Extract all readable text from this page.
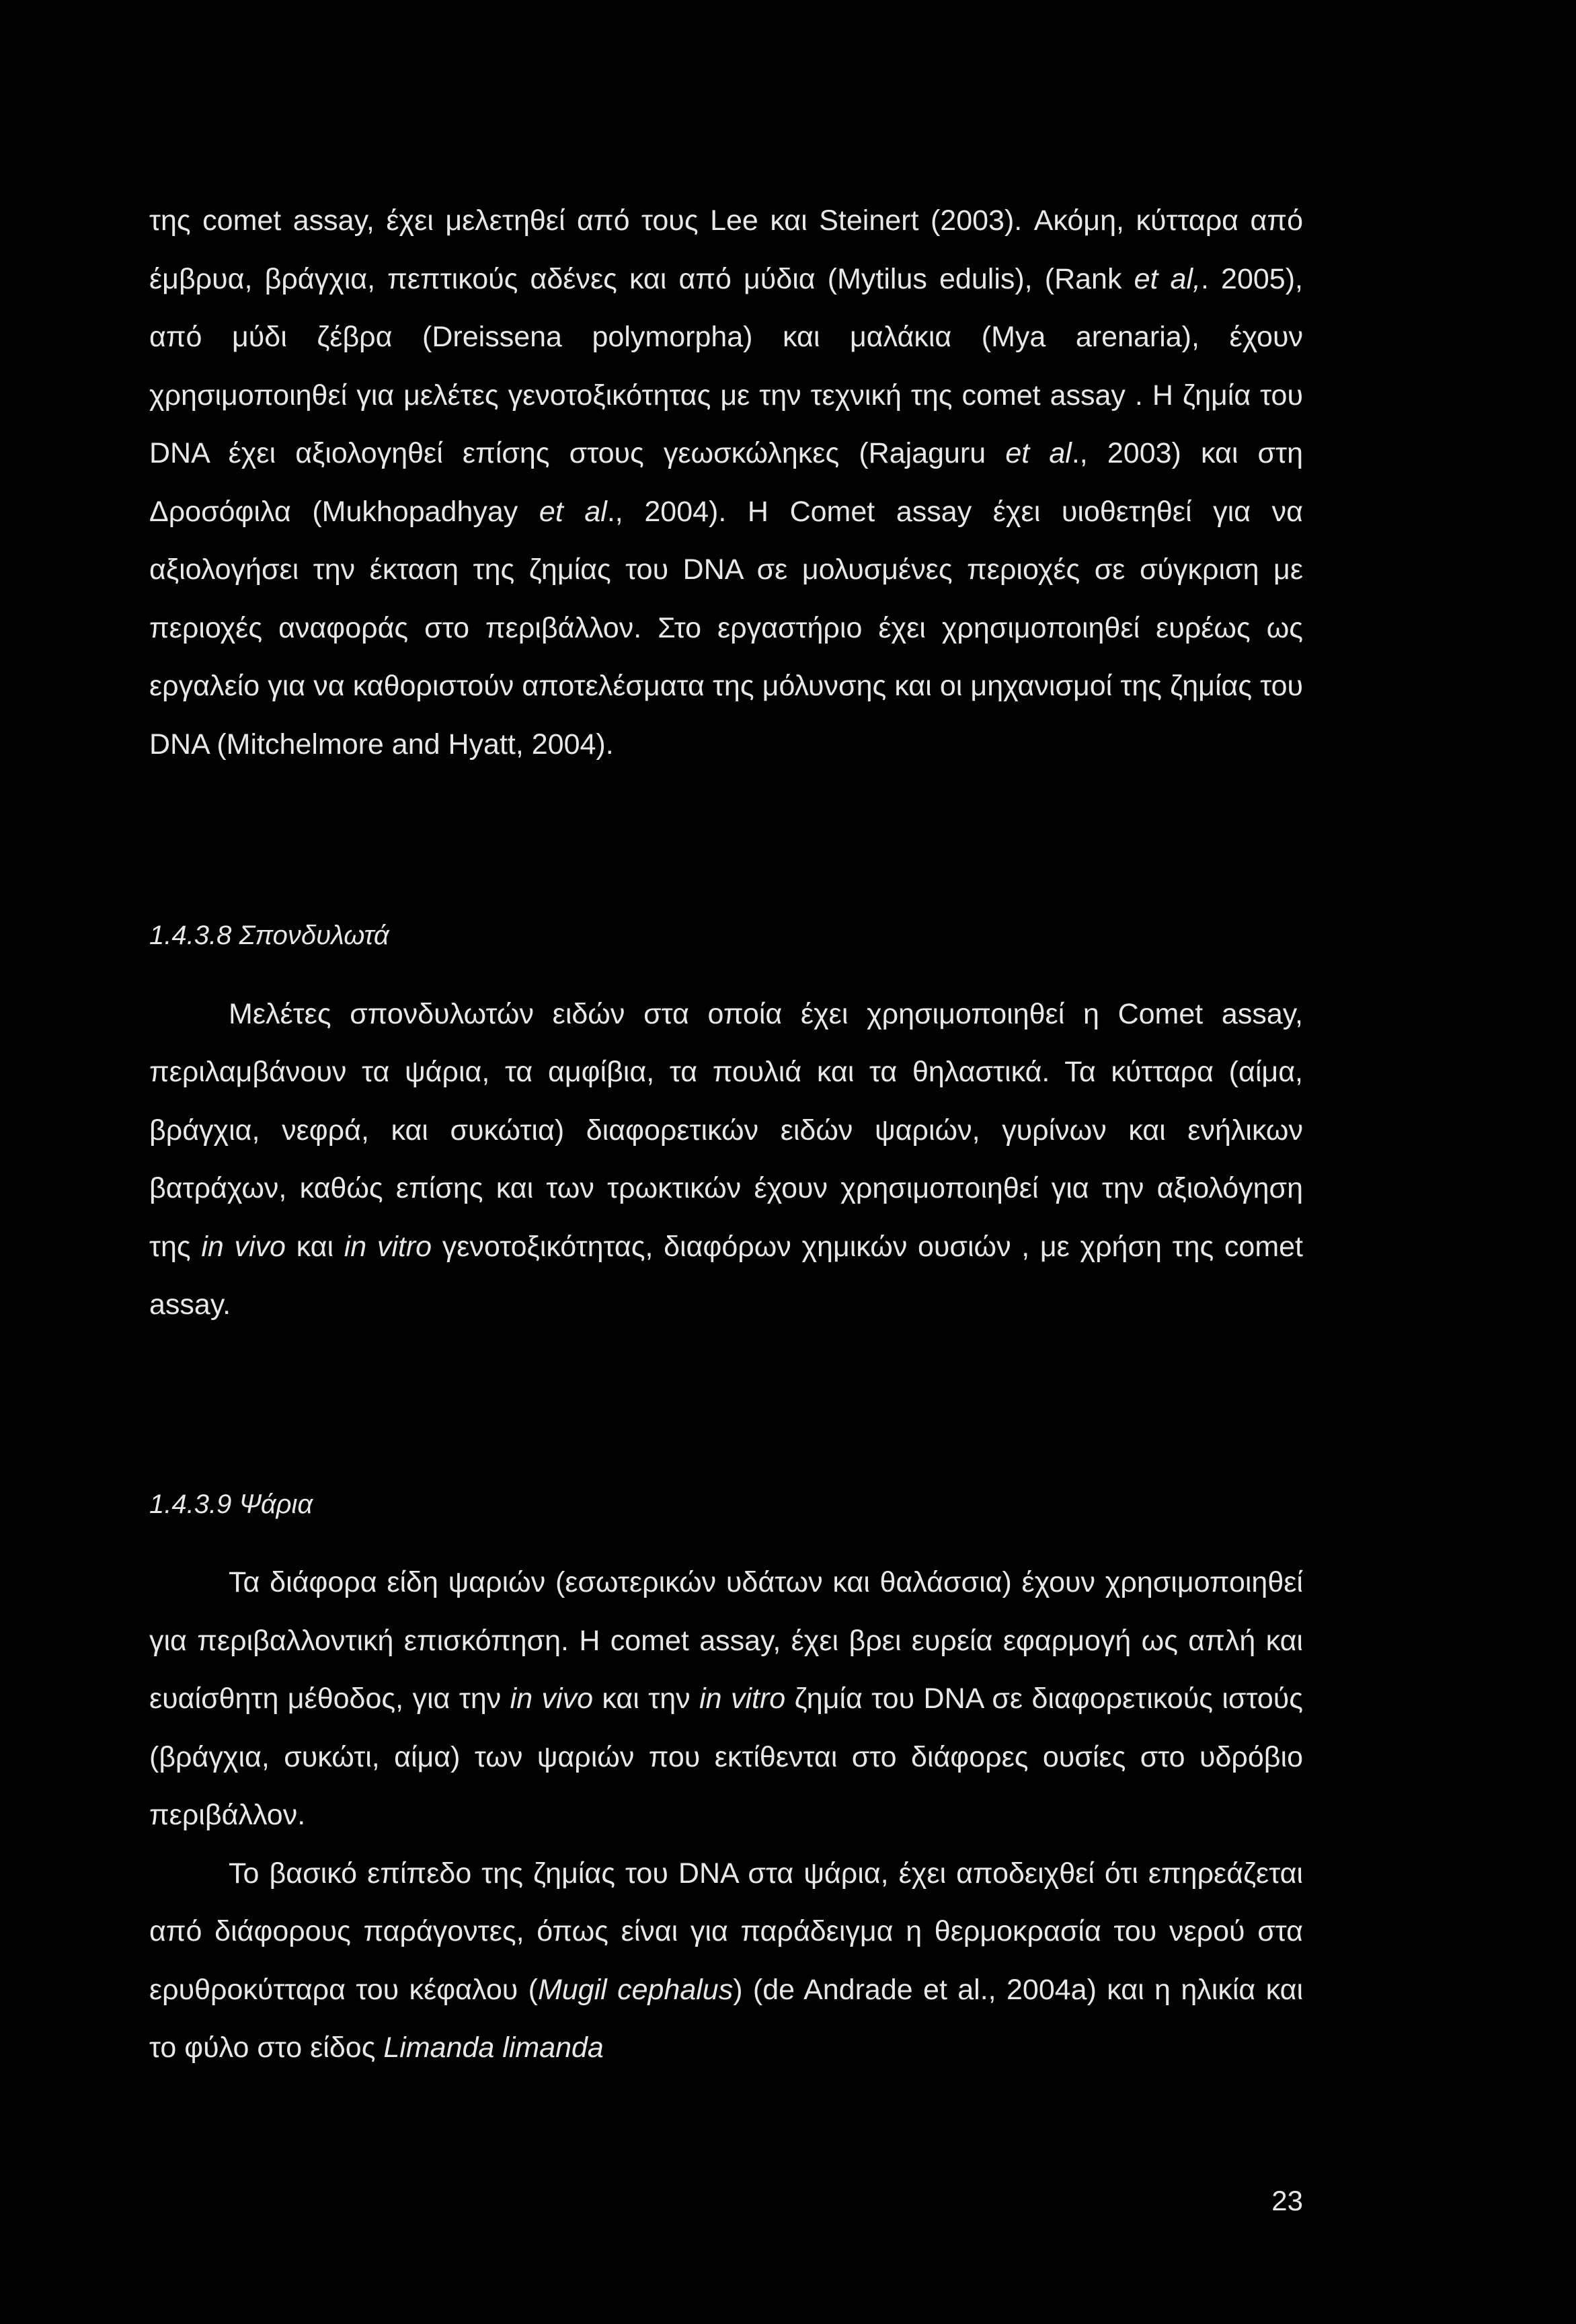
της comet assay, έχει μελετηθεί από τους Lee και Steinert (2003). Ακόμη, κύτταρα από έμβρυα, βράγχια, πεπτικούς αδένες και από μύδια (Mytilus edulis), (Rank et al,. 2005), από μύδι ζέβρα (Dreissena polymorpha) και μαλάκια (Mya arenaria), έχουν χρησιμοποιηθεί για μελέτες γενοτοξικότητας με την τεχνική της comet assay . Η ζημία του DNA έχει αξιολογηθεί επίσης στους γεωσκώληκες (Rajaguru et al., 2003) και στη Δροσόφιλα (Mukhopadhyay et al., 2004). Η Comet assay έχει υιοθετηθεί για να αξιολογήσει την έκταση της ζημίας του DNA σε μολυσμένες περιοχές σε σύγκριση με περιοχές αναφοράς στο περιβάλλον. Στο εργαστήριο έχει χρησιμοποιηθεί ευρέως ως εργαλείο για να καθοριστούν αποτελέσματα της μόλυνσης και οι μηχανισμοί της ζημίας του DNA (Mitchelmore and Hyatt, 2004).

1.4.3.8 Σπονδυλωτά

Μελέτες σπονδυλωτών ειδών στα οποία έχει χρησιμοποιηθεί η Comet assay, περιλαμβάνουν τα ψάρια, τα αμφίβια, τα πουλιά και τα θηλαστικά. Τα κύτταρα (αίμα, βράγχια, νεφρά, και συκώτια) διαφορετικών ειδών ψαριών, γυρίνων και ενήλικων βατράχων, καθώς επίσης και των τρωκτικών έχουν χρησιμοποιηθεί για την αξιολόγηση της in vivo και in vitro γενοτοξικότητας, διαφόρων χημικών ουσιών , με χρήση της comet assay.

1.4.3.9 Ψάρια

Τα διάφορα είδη ψαριών (εσωτερικών υδάτων και θαλάσσια) έχουν χρησιμοποιηθεί για περιβαλλοντική επισκόπηση. Η comet assay, έχει βρει ευρεία εφαρμογή ως απλή και ευαίσθητη μέθοδος, για την in vivo και την in vitro ζημία του DNA σε διαφορετικούς ιστούς (βράγχια, συκώτι, αίμα) των ψαριών που εκτίθενται στο διάφορες ουσίες στο υδρόβιο περιβάλλον.

Το βασικό επίπεδο της ζημίας του DNA στα ψάρια, έχει αποδειχθεί ότι επηρεάζεται από διάφορους παράγοντες, όπως είναι για παράδειγμα η θερμοκρασία του νερού στα ερυθροκύτταρα του κέφαλου (Mugil cephalus) (de Andrade et al., 2004a) και η ηλικία και το φύλο στο είδος Limanda limanda

23
